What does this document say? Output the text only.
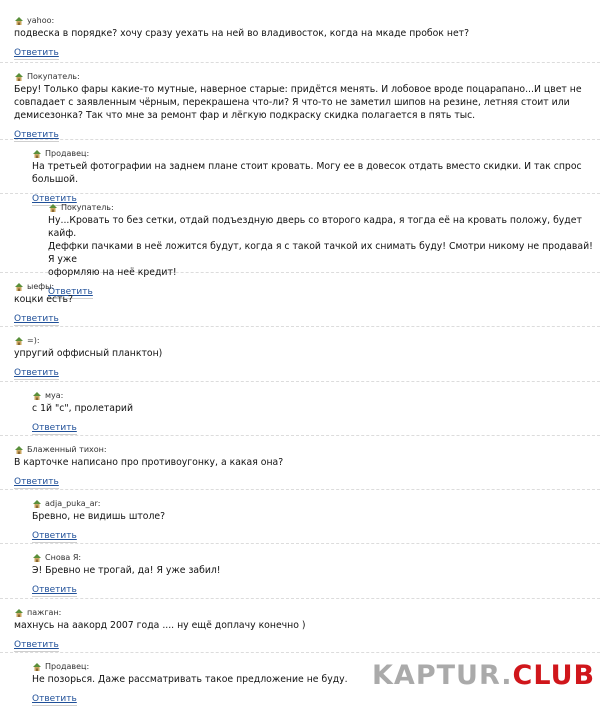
yahoo:
подвеска в порядке? хочу сразу уехать на ней во владивосток, когда на мкаде пробок нет?
Ответить
Покупатель:
Беру! Только фары какие-то мутные, наверное старые: придётся менять. И лобовое вроде поцарапано...И цвет не
совпадает с заявленным чёрным, перекрашена что-ли? Я что-то не заметил шипов на резине, летняя стоит или
демисезонка? Так что мне за ремонт фар и лёгкую подкраску скидка полагается в пять тыс.
Ответить
Продавец:
На третьей фотографии на заднем плане стоит кровать. Могу ее в довесок отдать вместо скидки. И так спрос большой.
Ответить
Покупатель:
Ну...Кровать то без сетки, отдай подъездную дверь со второго кадра, я тогда её на кровать положу, будет кайф.
Деффки пачками в неё ложится будут, когда я с такой тачкой их снимать буду! Смотри никому не продавай! Я уже
оформляю на неё кредит!
Ответить
ыефы:
коцки есть?
Ответить
=):
упругий оффисный планктон)
Ответить
муа:
с 1й "с", пролетарий
Ответить
Блаженный тихон:
В карточке написано про противоугонку, а какая она?
Ответить
adja_puka_ar:
Бревно, не видишь штоле?
Ответить
Снова Я:
Э! Бревно не трогай, да! Я уже забил!
Ответить
пажган:
махнусь на аакорд 2007 года .... ну ещё доплачу конечно )
Ответить
Продавец:
Не позорься. Даже рассматривать такое предложение не буду.
Ответить
KAPTUR.CLUB
